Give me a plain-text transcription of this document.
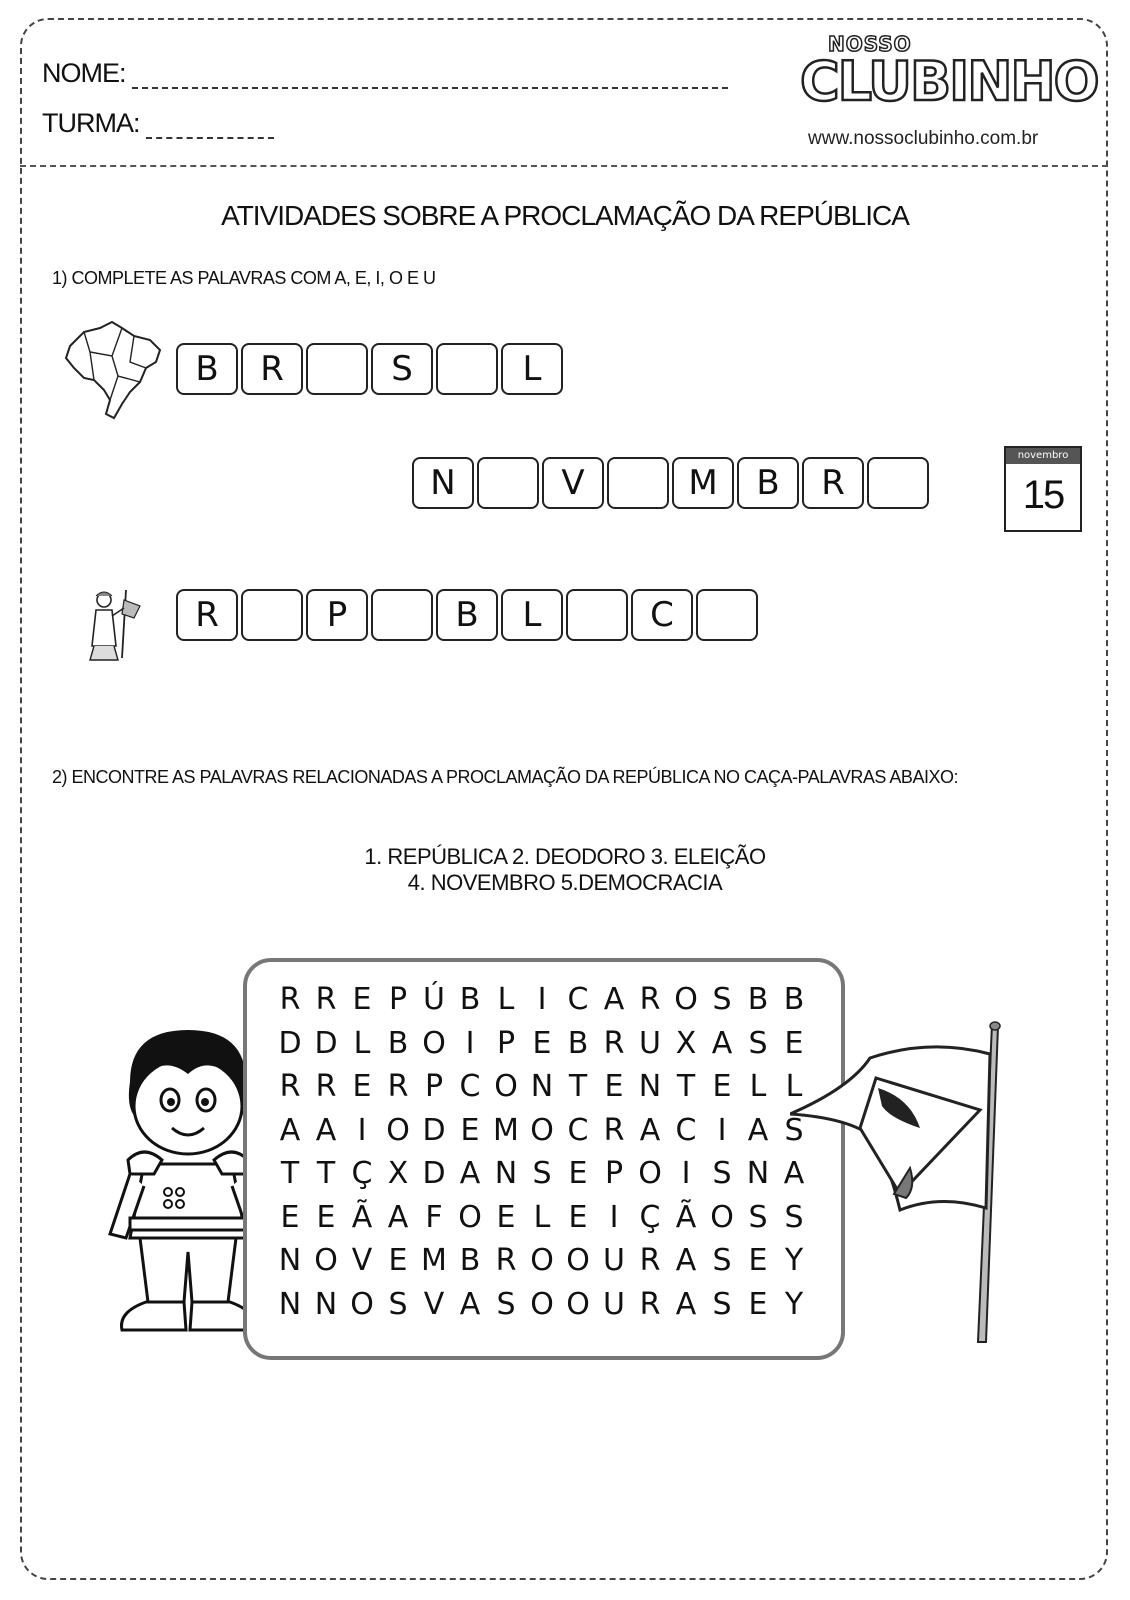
NOME:
TURMA:
NOSSO
CLUBINHO
www.nossoclubinho.com.br
ATIVIDADES SOBRE A PROCLAMAÇÃO DA REPÚBLICA
1) COMPLETE AS PALAVRAS COM A, E, I, O E U
B	R	S	L
N	V	M	B	R
novembro
15
R	P	B	L	C
2) ENCONTRE AS PALAVRAS RELACIONADAS A PROCLAMAÇÃO DA REPÚBLICA NO CAÇA-PALAVRAS ABAIXO:
1. REPÚBLICA 2. DEODORO 3. ELEIÇÃO
4. NOVEMBRO 5.DEMOCRACIA
R R E P Ú B L I C A R O S B B
D D L B O I P E B R U X A S E
R R E R P C O N T E N T E L L
A A I O D E M O C R A C I A S
T T Ç X D A N S E P O I S N A
E E Ã A F O E L E I Ç Ã O S S
N O V E M B R O O U R A S E Y
N N O S V A S O O U R A S E Y
